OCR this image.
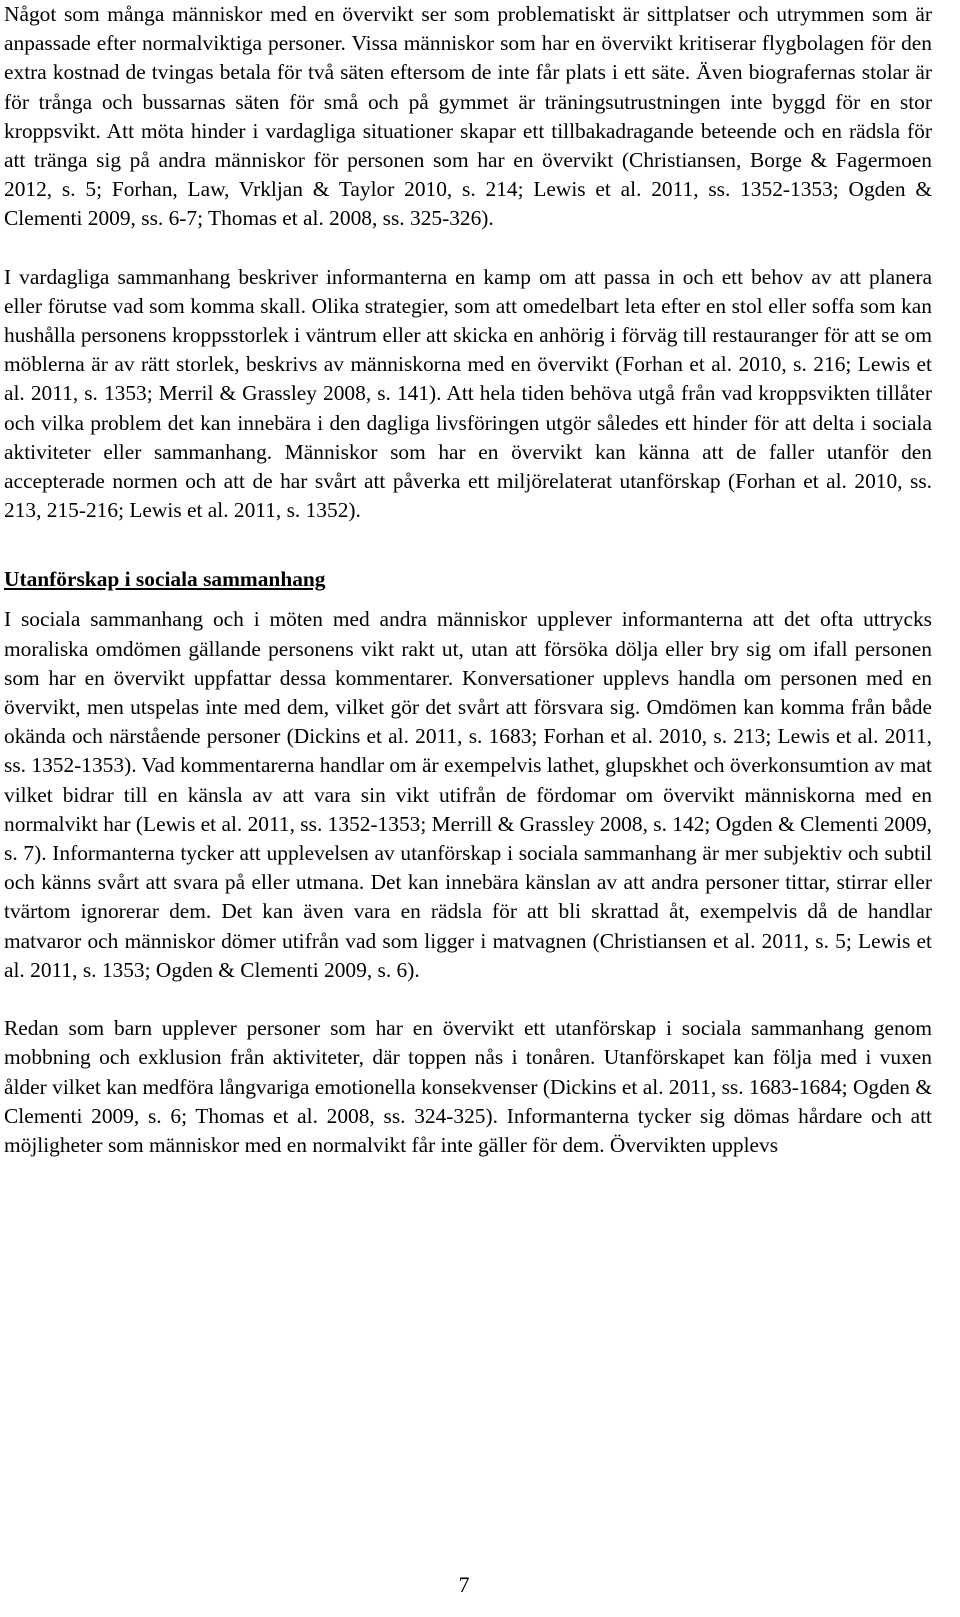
Något som många människor med en övervikt ser som problematiskt är sittplatser och utrymmen som är anpassade efter normalviktiga personer. Vissa människor som har en övervikt kritiserar flygbolagen för den extra kostnad de tvingas betala för två säten eftersom de inte får plats i ett säte. Även biografernas stolar är för trånga och bussarnas säten för små och på gymmet är träningsutrustningen inte byggd för en stor kroppsvikt. Att möta hinder i vardagliga situationer skapar ett tillbakadragande beteende och en rädsla för att tränga sig på andra människor för personen som har en övervikt (Christiansen, Borge & Fagermoen 2012, s. 5; Forhan, Law, Vrkljan & Taylor 2010, s. 214; Lewis et al. 2011, ss. 1352-1353; Ogden & Clementi 2009, ss. 6-7; Thomas et al. 2008, ss. 325-326).

I vardagliga sammanhang beskriver informanterna en kamp om att passa in och ett behov av att planera eller förutse vad som komma skall. Olika strategier, som att omedelbart leta efter en stol eller soffa som kan hushålla personens kroppsstorlek i väntrum eller att skicka en anhörig i förväg till restauranger för att se om möblerna är av rätt storlek, beskrivs av människorna med en övervikt (Forhan et al. 2010, s. 216; Lewis et al. 2011, s. 1353; Merril & Grassley 2008, s. 141). Att hela tiden behöva utgå från vad kroppsvikten tillåter och vilka problem det kan innebära i den dagliga livsföringen utgör således ett hinder för att delta i sociala aktiviteter eller sammanhang. Människor som har en övervikt kan känna att de faller utanför den accepterade normen och att de har svårt att påverka ett miljörelaterat utanförskap (Forhan et al. 2010, ss. 213, 215-216; Lewis et al. 2011, s. 1352).

Utanförskap i sociala sammanhang

I sociala sammanhang och i möten med andra människor upplever informanterna att det ofta uttrycks moraliska omdömen gällande personens vikt rakt ut, utan att försöka dölja eller bry sig om ifall personen som har en övervikt uppfattar dessa kommentarer. Konversationer upplevs handla om personen med en övervikt, men utspelas inte med dem, vilket gör det svårt att försvara sig. Omdömen kan komma från både okända och närstående personer (Dickins et al. 2011, s. 1683; Forhan et al. 2010, s. 213; Lewis et al. 2011, ss. 1352-1353). Vad kommentarerna handlar om är exempelvis lathet, glupskhet och överkonsumtion av mat vilket bidrar till en känsla av att vara sin vikt utifrån de fördomar om övervikt människorna med en normalvikt har (Lewis et al. 2011, ss. 1352-1353; Merrill & Grassley 2008, s. 142; Ogden & Clementi 2009, s. 7). Informanterna tycker att upplevelsen av utanförskap i sociala sammanhang är mer subjektiv och subtil och känns svårt att svara på eller utmana. Det kan innebära känslan av att andra personer tittar, stirrar eller tvärtom ignorerar dem. Det kan även vara en rädsla för att bli skrattad åt, exempelvis då de handlar matvaror och människor dömer utifrån vad som ligger i matvagnen (Christiansen et al. 2011, s. 5; Lewis et al. 2011, s. 1353; Ogden & Clementi 2009, s. 6).

Redan som barn upplever personer som har en övervikt ett utanförskap i sociala sammanhang genom mobbning och exklusion från aktiviteter, där toppen nås i tonåren. Utanförskapet kan följa med i vuxen ålder vilket kan medföra långvariga emotionella konsekvenser (Dickins et al. 2011, ss. 1683-1684; Ogden & Clementi 2009, s. 6; Thomas et al. 2008, ss. 324-325). Informanterna tycker sig dömas hårdare och att möjligheter som människor med en normalvikt får inte gäller för dem. Övervikten upplevs

7
